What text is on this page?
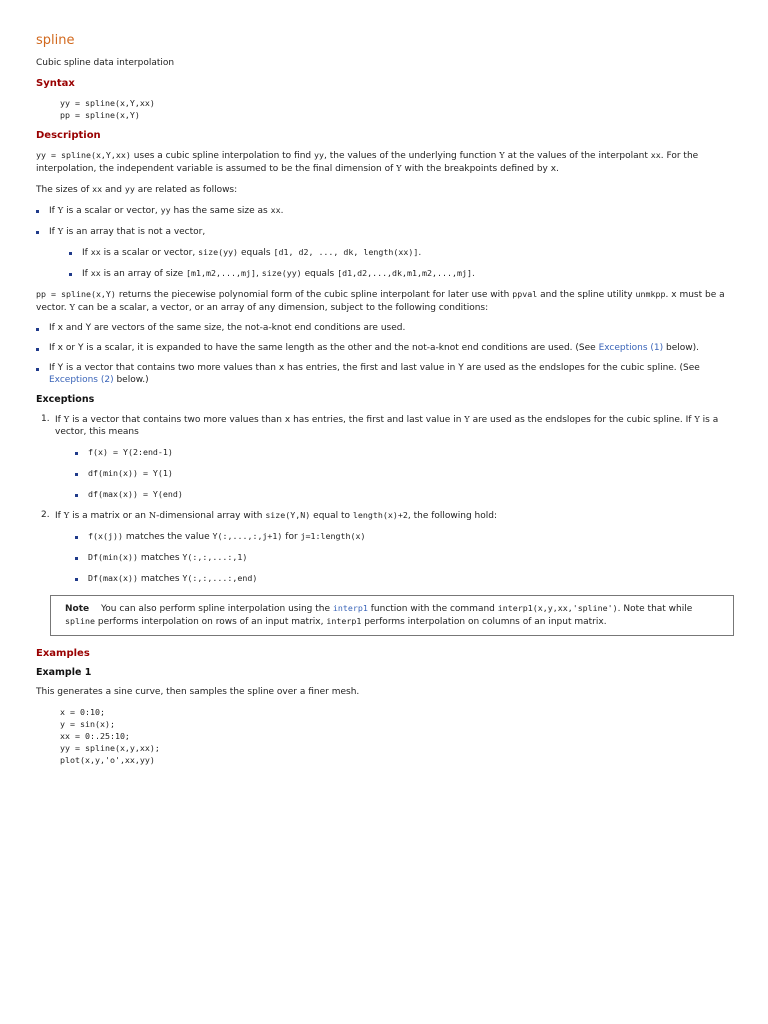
spline
Cubic spline data interpolation
Syntax
yy = spline(x,Y,xx)
pp = spline(x,Y)
Description

yy = spline(x,Y,xx) uses a cubic spline interpolation to find yy, the values of the underlying function Y at the values of the interpolant xx. For the interpolation, the independent variable is assumed to be the final dimension of Y with the breakpoints defined by x.

The sizes of xx and yy are related as follows:

If Y is a scalar or vector, yy has the same size as xx.
If Y is an array that is not a vector,
If xx is a scalar or vector, size(yy) equals [d1, d2, ..., dk, length(xx)].
If xx is an array of size [m1,m2,...,mj], size(yy) equals [d1,d2,...,dk,m1,m2,...,mj].

pp = spline(x,Y) returns the piecewise polynomial form of the cubic spline interpolant for later use with ppval and the spline utility unmkpp. x must be a vector. Y can be a scalar, a vector, or an array of any dimension, subject to the following conditions:

If x and Y are vectors of the same size, the not-a-knot end conditions are used.
If x or Y is a scalar, it is expanded to have the same length as the other and the not-a-knot end conditions are used. (See Exceptions (1) below).
If Y is a vector that contains two more values than x has entries, the first and last value in Y are used as the endslopes for the cubic spline. (See Exceptions (2) below.)
Exceptions
1. If Y is a vector that contains two more values than x has entries, the first and last value in Y are used as the endslopes for the cubic spline. If Y is a vector, this means
f(x) = Y(2:end-1)
df(min(x)) = Y(1)
df(max(x)) = Y(end)
2. If Y is a matrix or an N-dimensional array with size(Y,N) equal to length(x)+2, the following hold:
f(x(j)) matches the value Y(:,...,:,j+1) for j=1:length(x)
Df(min(x)) matches Y(:,:,...:,1)
Df(max(x)) matches Y(:,:,...:,end)
Note You can also perform spline interpolation using the interp1 function with the command interp1(x,y,xx,'spline'). Note that while spline performs interpolation on rows of an input matrix, interp1 performs interpolation on columns of an input matrix.
Examples
Example 1

This generates a sine curve, then samples the spline over a finer mesh.

x = 0:10;
y = sin(x);
xx = 0:.25:10;
yy = spline(x,y,xx);
plot(x,y,'o',xx,yy)
